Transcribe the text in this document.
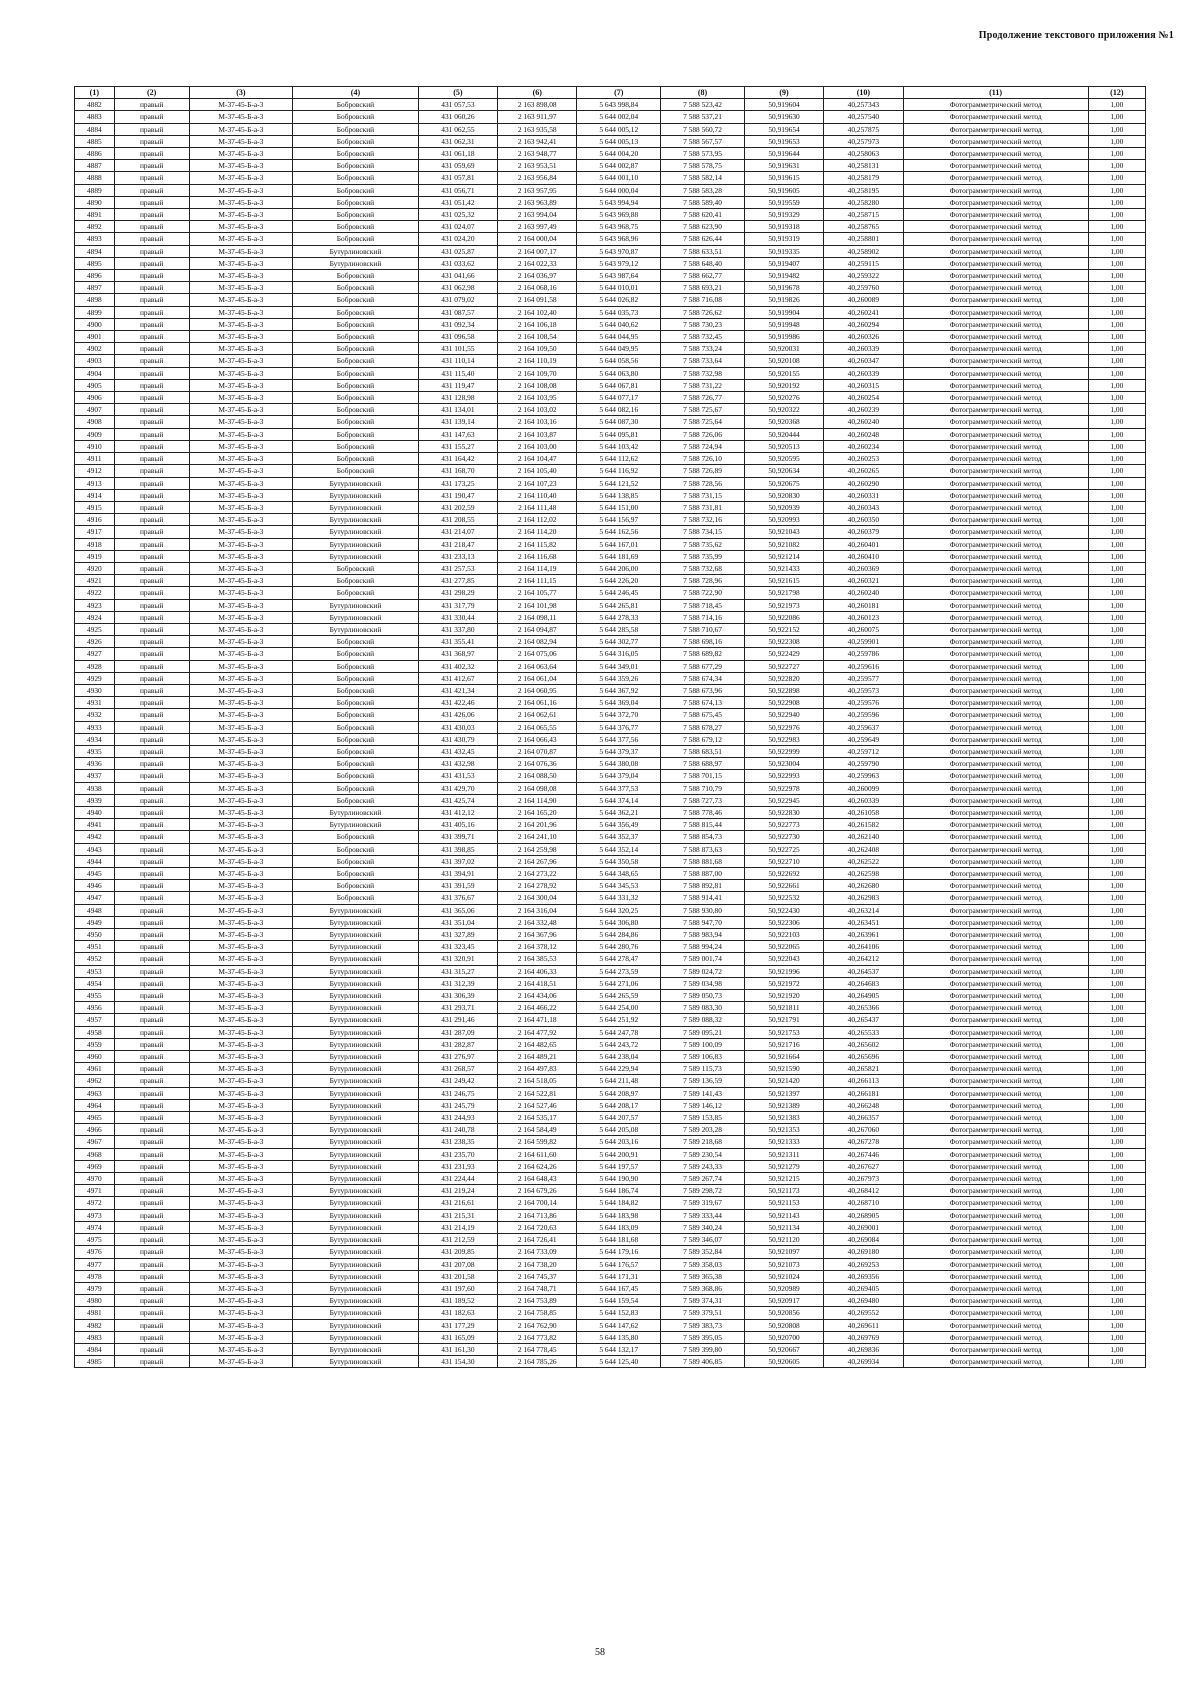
Продолжение текстового приложения №1
(1)	(2)	(3)	(4)	(5)	(6)	(7)	(8)	(9)	(10)	(11)	(12)
4882	правый	М-37-45-Б-а-3	Бобровский	431 057,53	2 163 898,08	5 643 998,84	7 588 523,42	50,919604	40,257343	Фотограмметрический метод	1,00
4883	правый	М-37-45-Б-а-3	Бобровский	431 060,26	2 163 911,97	5 644 002,04	7 588 537,21	50,919630	40,257540	Фотограмметрический метод	1,00
4884	правый	М-37-45-Б-а-3	Бобровский	431 062,55	2 163 935,58	5 644 005,12	7 588 560,72	50,919654	40,257875	Фотограмметрический метод	1,00
4885	правый	М-37-45-Б-а-3	Бобровский	431 062,31	2 163 942,41	5 644 005,13	7 588 567,57	50,919653	40,257973	Фотограмметрический метод	1,00
4886	правый	М-37-45-Б-а-3	Бобровский	431 061,18	2 163 948,77	5 644 004,20	7 588 573,95	50,919644	40,258063	Фотограмметрический метод	1,00
4887	правый	М-37-45-Б-а-3	Бобровский	431 059,69	2 163 953,51	5 644 002,87	7 588 578,75	50,919631	40,258131	Фотограмметрический метод	1,00
4888	правый	М-37-45-Б-а-3	Бобровский	431 057,81	2 163 956,84	5 644 001,10	7 588 582,14	50,919615	40,258179	Фотограмметрический метод	1,00
4889	правый	М-37-45-Б-а-3	Бобровский	431 056,71	2 163 957,95	5 644 000,04	7 588 583,28	50,919605	40,258195	Фотограмметрический метод	1,00
4890	правый	М-37-45-Б-а-3	Бобровский	431 051,42	2 163 963,89	5 643 994,94	7 588 589,40	50,919559	40,258280	Фотограмметрический метод	1,00
4891	правый	М-37-45-Б-а-3	Бобровский	431 025,32	2 163 994,04	5 643 969,88	7 588 620,41	50,919329	40,258715	Фотограмметрический метод	1,00
4892	правый	М-37-45-Б-а-3	Бобровский	431 024,07	2 163 997,49	5 643 968,75	7 588 623,90	50,919318	40,258765	Фотограмметрический метод	1,00
4893	правый	М-37-45-Б-а-3	Бобровский	431 024,20	2 164 000,04	5 643 968,96	7 588 626,44	50,919319	40,258801	Фотограмметрический метод	1,00
4894	правый	М-37-45-Б-а-3	Бутурлиновский	431 025,87	2 164 007,17	5 643 970,87	7 588 633,51	50,919335	40,258902	Фотограмметрический метод	1,00
4895	правый	М-37-45-Б-а-3	Бутурлиновский	431 033,62	2 164 022,33	5 643 979,12	7 588 648,40	50,919407	40,259115	Фотограмметрический метод	1,00
4896	правый	М-37-45-Б-а-3	Бобровский	431 041,66	2 164 036,97	5 643 987,64	7 588 662,77	50,919482	40,259322	Фотограмметрический метод	1,00
4897	правый	М-37-45-Б-а-3	Бобровский	431 062,98	2 164 068,16	5 644 010,01	7 588 693,21	50,919678	40,259760	Фотограмметрический метод	1,00
4898	правый	М-37-45-Б-а-3	Бобровский	431 079,02	2 164 091,58	5 644 026,82	7 588 716,08	50,919826	40,260089	Фотограмметрический метод	1,00
4899	правый	М-37-45-Б-а-3	Бобровский	431 087,57	2 164 102,40	5 644 035,73	7 588 726,62	50,919904	40,260241	Фотограмметрический метод	1,00
4900	правый	М-37-45-Б-а-3	Бобровский	431 092,34	2 164 106,18	5 644 040,62	7 588 730,23	50,919948	40,260294	Фотограмметрический метод	1,00
4901	правый	М-37-45-Б-а-3	Бобровский	431 096,58	2 164 108,54	5 644 044,95	7 588 732,45	50,919986	40,260326	Фотограмметрический метод	1,00
4902	правый	М-37-45-Б-а-3	Бобровский	431 101,55	2 164 109,50	5 644 049,95	7 588 733,24	50,920031	40,260339	Фотограмметрический метод	1,00
4903	правый	М-37-45-Б-а-3	Бобровский	431 110,14	2 164 110,19	5 644 058,56	7 588 733,64	50,920108	40,260347	Фотограмметрический метод	1,00
4904	правый	М-37-45-Б-а-3	Бобровский	431 115,40	2 164 109,70	5 644 063,80	7 588 732,98	50,920155	40,260339	Фотограмметрический метод	1,00
4905	правый	М-37-45-Б-а-3	Бобровский	431 119,47	2 164 108,08	5 644 067,81	7 588 731,22	50,920192	40,260315	Фотограмметрический метод	1,00
4906	правый	М-37-45-Б-а-3	Бобровский	431 128,98	2 164 103,95	5 644 077,17	7 588 726,77	50,920276	40,260254	Фотограмметрический метод	1,00
4907	правый	М-37-45-Б-а-3	Бобровский	431 134,01	2 164 103,02	5 644 082,16	7 588 725,67	50,920322	40,260239	Фотограмметрический метод	1,00
4908	правый	М-37-45-Б-а-3	Бобровский	431 139,14	2 164 103,16	5 644 087,30	7 588 725,64	50,920368	40,260240	Фотограмметрический метод	1,00
4909	правый	М-37-45-Б-а-3	Бобровский	431 147,63	2 164 103,87	5 644 095,81	7 588 726,06	50,920444	40,260248	Фотограмметрический метод	1,00
4910	правый	М-37-45-Б-а-3	Бобровский	431 155,27	2 164 103,00	5 644 103,42	7 588 724,94	50,920513	40,260234	Фотограмметрический метод	1,00
4911	правый	М-37-45-Б-а-3	Бобровский	431 164,42	2 164 104,47	5 644 112,62	7 588 726,10	50,920595	40,260253	Фотограмметрический метод	1,00
4912	правый	М-37-45-Б-а-3	Бобровский	431 168,70	2 164 105,40	5 644 116,92	7 588 726,89	50,920634	40,260265	Фотограмметрический метод	1,00
4913	правый	М-37-45-Б-а-3	Бутурлиновский	431 173,25	2 164 107,23	5 644 121,52	7 588 728,56	50,920675	40,260290	Фотограмметрический метод	1,00
4914	правый	М-37-45-Б-а-3	Бутурлиновский	431 190,47	2 164 110,40	5 644 138,85	7 588 731,15	50,920830	40,260331	Фотограмметрический метод	1,00
4915	правый	М-37-45-Б-а-3	Бутурлиновский	431 202,59	2 164 111,48	5 644 151,00	7 588 731,81	50,920939	40,260343	Фотограмметрический метод	1,00
4916	правый	М-37-45-Б-а-3	Бутурлиновский	431 208,55	2 164 112,02	5 644 156,97	7 588 732,16	50,920993	40,260350	Фотограмметрический метод	1,00
4917	правый	М-37-45-Б-а-3	Бутурлиновский	431 214,07	2 164 114,20	5 644 162,56	7 588 734,15	50,921043	40,260379	Фотограмметрический метод	1,00
4918	правый	М-37-45-Б-а-3	Бутурлиновский	431 218,47	2 164 115,82	5 644 167,01	7 588 735,62	50,921082	40,260401	Фотограмметрический метод	1,00
4919	правый	М-37-45-Б-а-3	Бутурлиновский	431 233,13	2 164 116,68	5 644 181,69	7 588 735,99	50,921214	40,260410	Фотограмметрический метод	1,00
4920	правый	М-37-45-Б-а-3	Бобровский	431 257,53	2 164 114,19	5 644 206,00	7 588 732,68	50,921433	40,260369	Фотограмметрический метод	1,00
4921	правый	М-37-45-Б-а-3	Бобровский	431 277,85	2 164 111,15	5 644 226,20	7 588 728,96	50,921615	40,260321	Фотограмметрический метод	1,00
4922	правый	М-37-45-Б-а-3	Бобровский	431 298,29	2 164 105,77	5 644 246,45	7 588 722,90	50,921798	40,260240	Фотограмметрический метод	1,00
4923	правый	М-37-45-Б-а-3	Бутурлиновский	431 317,79	2 164 101,98	5 644 265,81	7 588 718,45	50,921973	40,260181	Фотограмметрический метод	1,00
4924	правый	М-37-45-Б-а-3	Бутурлиновский	431 330,44	2 164 098,11	5 644 278,33	7 588 714,16	50,922086	40,260123	Фотограмметрический метод	1,00
4925	правый	М-37-45-Б-а-3	Бутурлиновский	431 337,80	2 164 094,87	5 644 285,58	7 588 710,67	50,922152	40,260075	Фотограмметрический метод	1,00
4926	правый	М-37-45-Б-а-3	Бобровский	431 355,41	2 164 082,94	5 644 302,77	7 588 698,16	50,922308	40,259901	Фотограмметрический метод	1,00
4927	правый	М-37-45-Б-а-3	Бобровский	431 368,97	2 164 075,06	5 644 316,05	7 588 689,82	50,922429	40,259786	Фотограмметрический метод	1,00
4928	правый	М-37-45-Б-а-3	Бобровский	431 402,32	2 164 063,64	5 644 349,01	7 588 677,29	50,922727	40,259616	Фотограмметрический метод	1,00
4929	правый	М-37-45-Б-а-3	Бобровский	431 412,67	2 164 061,04	5 644 359,26	7 588 674,34	50,922820	40,259577	Фотограмметрический метод	1,00
4930	правый	М-37-45-Б-а-3	Бобровский	431 421,34	2 164 060,95	5 644 367,92	7 588 673,96	50,922898	40,259573	Фотограмметрический метод	1,00
4931	правый	М-37-45-Б-а-3	Бобровский	431 422,46	2 164 061,16	5 644 369,04	7 588 674,13	50,922908	40,259576	Фотограмметрический метод	1,00
4932	правый	М-37-45-Б-а-3	Бобровский	431 426,06	2 164 062,61	5 644 372,70	7 588 675,45	50,922940	40,259596	Фотограмметрический метод	1,00
4933	правый	М-37-45-Б-а-3	Бобровский	431 430,03	2 164 065,55	5 644 376,77	7 588 678,27	50,922976	40,259637	Фотограмметрический метод	1,00
4934	правый	М-37-45-Б-а-3	Бобровский	431 430,79	2 164 066,43	5 644 377,56	7 588 679,12	50,922983	40,259649	Фотограмметрический метод	1,00
4935	правый	М-37-45-Б-а-3	Бобровский	431 432,45	2 164 070,87	5 644 379,37	7 588 683,51	50,922999	40,259712	Фотограмметрический метод	1,00
4936	правый	М-37-45-Б-а-3	Бобровский	431 432,98	2 164 076,36	5 644 380,08	7 588 688,97	50,923004	40,259790	Фотограмметрический метод	1,00
4937	правый	М-37-45-Б-а-3	Бобровский	431 431,53	2 164 088,50	5 644 379,04	7 588 701,15	50,922993	40,259963	Фотограмметрический метод	1,00
4938	правый	М-37-45-Б-а-3	Бобровский	431 429,70	2 164 098,08	5 644 377,53	7 588 710,79	50,922978	40,260099	Фотограмметрический метод	1,00
4939	правый	М-37-45-Б-а-3	Бобровский	431 425,74	2 164 114,90	5 644 374,14	7 588 727,73	50,922945	40,260339	Фотограмметрический метод	1,00
4940	правый	М-37-45-Б-а-3	Бутурлиновский	431 412,12	2 164 165,20	5 644 362,21	7 588 778,46	50,922830	40,261058	Фотограмметрический метод	1,00
4941	правый	М-37-45-Б-а-3	Бутурлиновский	431 405,16	2 164 201,96	5 644 356,49	7 588 815,44	50,922773	40,261582	Фотограмметрический метод	1,00
4942	правый	М-37-45-Б-а-3	Бобровский	431 399,71	2 164 241,10	5 644 352,37	7 588 854,73	50,922730	40,262140	Фотограмметрический метод	1,00
4943	правый	М-37-45-Б-а-3	Бобровский	431 398,85	2 164 259,98	5 644 352,14	7 588 873,63	50,922725	40,262408	Фотограмметрический метод	1,00
4944	правый	М-37-45-Б-а-3	Бобровский	431 397,02	2 164 267,96	5 644 350,58	7 588 881,68	50,922710	40,262522	Фотограмметрический метод	1,00
4945	правый	М-37-45-Б-а-3	Бобровский	431 394,91	2 164 273,22	5 644 348,65	7 588 887,00	50,922692	40,262598	Фотограмметрический метод	1,00
4946	правый	М-37-45-Б-а-3	Бобровский	431 391,59	2 164 278,92	5 644 345,53	7 588 892,81	50,922661	40,262680	Фотограмметрический метод	1,00
4947	правый	М-37-45-Б-а-3	Бобровский	431 376,67	2 164 300,04	5 644 331,32	7 588 914,41	50,922532	40,262983	Фотограмметрический метод	1,00
4948	правый	М-37-45-Б-а-3	Бутурлиновский	431 365,06	2 164 316,04	5 644 320,25	7 588 930,80	50,922430	40,263214	Фотограмметрический метод	1,00
4949	правый	М-37-45-Б-а-3	Бутурлиновский	431 351,04	2 164 332,48	5 644 306,80	7 588 947,70	50,922306	40,263451	Фотограмметрический метод	1,00
4950	правый	М-37-45-Б-а-3	Бутурлиновский	431 327,89	2 164 367,96	5 644 284,86	7 588 983,94	50,922103	40,263961	Фотограмметрический метод	1,00
4951	правый	М-37-45-Б-а-3	Бутурлиновский	431 323,45	2 164 378,12	5 644 280,76	7 588 994,24	50,922065	40,264106	Фотограмметрический метод	1,00
4952	правый	М-37-45-Б-а-3	Бутурлиновский	431 320,91	2 164 385,53	5 644 278,47	7 589 001,74	50,922043	40,264212	Фотограмметрический метод	1,00
4953	правый	М-37-45-Б-а-3	Бутурлиновский	431 315,27	2 164 406,33	5 644 273,59	7 589 024,72	50,921996	40,264537	Фотограмметрический метод	1,00
4954	правый	М-37-45-Б-а-3	Бутурлиновский	431 312,39	2 164 418,51	5 644 271,06	7 589 034,98	50,921972	40,264683	Фотограмметрический метод	1,00
4955	правый	М-37-45-Б-а-3	Бутурлиновский	431 306,39	2 164 434,06	5 644 265,59	7 589 050,73	50,921920	40,264905	Фотограмметрический метод	1,00
4956	правый	М-37-45-Б-а-3	Бутурлиновский	431 293,71	2 164 466,22	5 644 254,00	7 589 083,30	50,921811	40,265366	Фотограмметрический метод	1,00
4957	правый	М-37-45-Б-а-3	Бутурлиновский	431 291,46	2 164 471,18	5 644 251,92	7 589 088,32	50,921791	40,265437	Фотограмметрический метод	1,00
4958	правый	М-37-45-Б-а-3	Бутурлиновский	431 287,09	2 164 477,92	5 644 247,78	7 589 095,21	50,921753	40,265533	Фотограмметрический метод	1,00
4959	правый	М-37-45-Б-а-3	Бутурлиновский	431 282,87	2 164 482,65	5 644 243,72	7 589 100,09	50,921716	40,265602	Фотограмметрический метод	1,00
4960	правый	М-37-45-Б-а-3	Бутурлиновский	431 276,97	2 164 489,21	5 644 238,04	7 589 106,83	50,921664	40,265696	Фотограмметрический метод	1,00
4961	правый	М-37-45-Б-а-3	Бутурлиновский	431 268,57	2 164 497,83	5 644 229,94	7 589 115,73	50,921590	40,265821	Фотограмметрический метод	1,00
4962	правый	М-37-45-Б-а-3	Бутурлиновский	431 249,42	2 164 518,05	5 644 211,48	7 589 136,59	50,921420	40,266113	Фотограмметрический метод	1,00
4963	правый	М-37-45-Б-а-3	Бутурлиновский	431 246,75	2 164 522,81	5 644 208,97	7 589 141,43	50,921397	40,266181	Фотограмметрический метод	1,00
4964	правый	М-37-45-Б-а-3	Бутурлиновский	431 245,79	2 164 527,46	5 644 208,17	7 589 146,12	50,921389	40,266248	Фотограмметрический метод	1,00
4965	правый	М-37-45-Б-а-3	Бутурлиновский	431 244,93	2 164 535,17	5 644 207,57	7 589 153,85	50,921383	40,266357	Фотограмметрический метод	1,00
4966	правый	М-37-45-Б-а-3	Бутурлиновский	431 240,78	2 164 584,49	5 644 205,08	7 589 203,28	50,921353	40,267060	Фотограмметрический метод	1,00
4967	правый	М-37-45-Б-а-3	Бутурлиновский	431 238,35	2 164 599,82	5 644 203,16	7 589 218,68	50,921333	40,267278	Фотограмметрический метод	1,00
4968	правый	М-37-45-Б-а-3	Бутурлиновский	431 235,70	2 164 611,60	5 644 200,91	7 589 230,54	50,921311	40,267446	Фотограмметрический метод	1,00
4969	правый	М-37-45-Б-а-3	Бутурлиновский	431 231,93	2 164 624,26	5 644 197,57	7 589 243,33	50,921279	40,267627	Фотограмметрический метод	1,00
4970	правый	М-37-45-Б-а-3	Бутурлиновский	431 224,44	2 164 648,43	5 644 190,90	7 589 267,74	50,921215	40,267973	Фотограмметрический метод	1,00
4971	правый	М-37-45-Б-а-3	Бутурлиновский	431 219,24	2 164 679,26	5 644 186,74	7 589 298,72	50,921173	40,268412	Фотограмметрический метод	1,00
4972	правый	М-37-45-Б-а-3	Бутурлиновский	431 216,61	2 164 700,14	5 644 184,82	7 589 319,67	50,921153	40,268710	Фотограмметрический метод	1,00
4973	правый	М-37-45-Б-а-3	Бутурлиновский	431 215,31	2 164 713,86	5 644 183,98	7 589 333,44	50,921143	40,268905	Фотограмметрический метод	1,00
4974	правый	М-37-45-Б-а-3	Бутурлиновский	431 214,19	2 164 720,63	5 644 183,09	7 589 340,24	50,921134	40,269001	Фотограмметрический метод	1,00
4975	правый	М-37-45-Б-а-3	Бутурлиновский	431 212,59	2 164 726,41	5 644 181,68	7 589 346,07	50,921120	40,269084	Фотограмметрический метод	1,00
4976	правый	М-37-45-Б-а-3	Бутурлиновский	431 209,85	2 164 733,09	5 644 179,16	7 589 352,84	50,921097	40,269180	Фотограмметрический метод	1,00
4977	правый	М-37-45-Б-а-3	Бутурлиновский	431 207,08	2 164 738,20	5 644 176,57	7 589 358,03	50,921073	40,269253	Фотограмметрический метод	1,00
4978	правый	М-37-45-Б-а-3	Бутурлиновский	431 201,58	2 164 745,37	5 644 171,31	7 589 365,38	50,921024	40,269356	Фотограмметрический метод	1,00
4979	правый	М-37-45-Б-а-3	Бутурлиновский	431 197,60	2 164 748,71	5 644 167,45	7 589 368,86	50,920989	40,269405	Фотограмметрический метод	1,00
4980	правый	М-37-45-Б-а-3	Бутурлиновский	431 189,52	2 164 753,89	5 644 159,54	7 589 374,31	50,920917	40,269480	Фотограмметрический метод	1,00
4981	правый	М-37-45-Б-а-3	Бутурлиновский	431 182,63	2 164 758,85	5 644 152,83	7 589 379,51	50,920856	40,269552	Фотограмметрический метод	1,00
4982	правый	М-37-45-Б-а-3	Бутурлиновский	431 177,29	2 164 762,90	5 644 147,62	7 589 383,73	50,920808	40,269611	Фотограмметрический метод	1,00
4983	правый	М-37-45-Б-а-3	Бутурлиновский	431 165,09	2 164 773,82	5 644 135,80	7 589 395,05	50,920700	40,269769	Фотограмметрический метод	1,00
4984	правый	М-37-45-Б-а-3	Бутурлиновский	431 161,30	2 164 778,45	5 644 132,17	7 589 399,80	50,920667	40,269836	Фотограмметрический метод	1,00
4985	правый	М-37-45-Б-а-3	Бутурлиновский	431 154,30	2 164 785,26	5 644 125,40	7 589 406,85	50,920605	40,269934	Фотограмметрический метод	1,00
58
